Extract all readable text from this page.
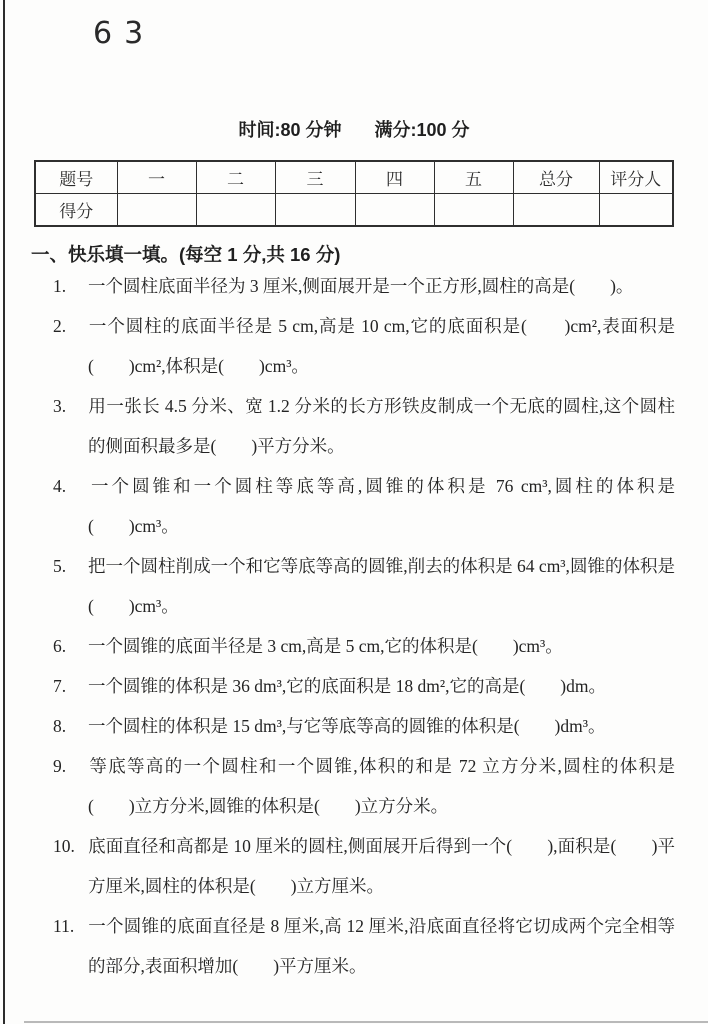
63
时间:80 分钟 满分:100 分
题号	一	二	三	四	五	总分	评分人
得分							
一、快乐填一填。(每空 1 分,共 16 分)
1. 一个圆柱底面半径为 3 厘米,侧面展开是一个正方形,圆柱的高是(　　)。
2. 一个圆柱的底面半径是 5 cm,高是 10 cm,它的底面积是(　　)cm²,表面积是(　　)cm²,体积是(　　)cm³。
3. 用一张长 4.5 分米、宽 1.2 分米的长方形铁皮制成一个无底的圆柱,这个圆柱的侧面积最多是(　　)平方分米。
4. 一个圆锥和一个圆柱等底等高,圆锥的体积是 76 cm³,圆柱的体积是(　　)cm³。
5. 把一个圆柱削成一个和它等底等高的圆锥,削去的体积是 64 cm³,圆锥的体积是(　　)cm³。
6. 一个圆锥的底面半径是 3 cm,高是 5 cm,它的体积是(　　)cm³。
7. 一个圆锥的体积是 36 dm³,它的底面积是 18 dm²,它的高是(　　)dm。
8. 一个圆柱的体积是 15 dm³,与它等底等高的圆锥的体积是(　　)dm³。
9. 等底等高的一个圆柱和一个圆锥,体积的和是 72 立方分米,圆柱的体积是(　　)立方分米,圆锥的体积是(　　)立方分米。
10. 底面直径和高都是 10 厘米的圆柱,侧面展开后得到一个(　　),面积是(　　)平方厘米,圆柱的体积是(　　)立方厘米。
11. 一个圆锥的底面直径是 8 厘米,高 12 厘米,沿底面直径将它切成两个完全相等的部分,表面积增加(　　)平方厘米。
